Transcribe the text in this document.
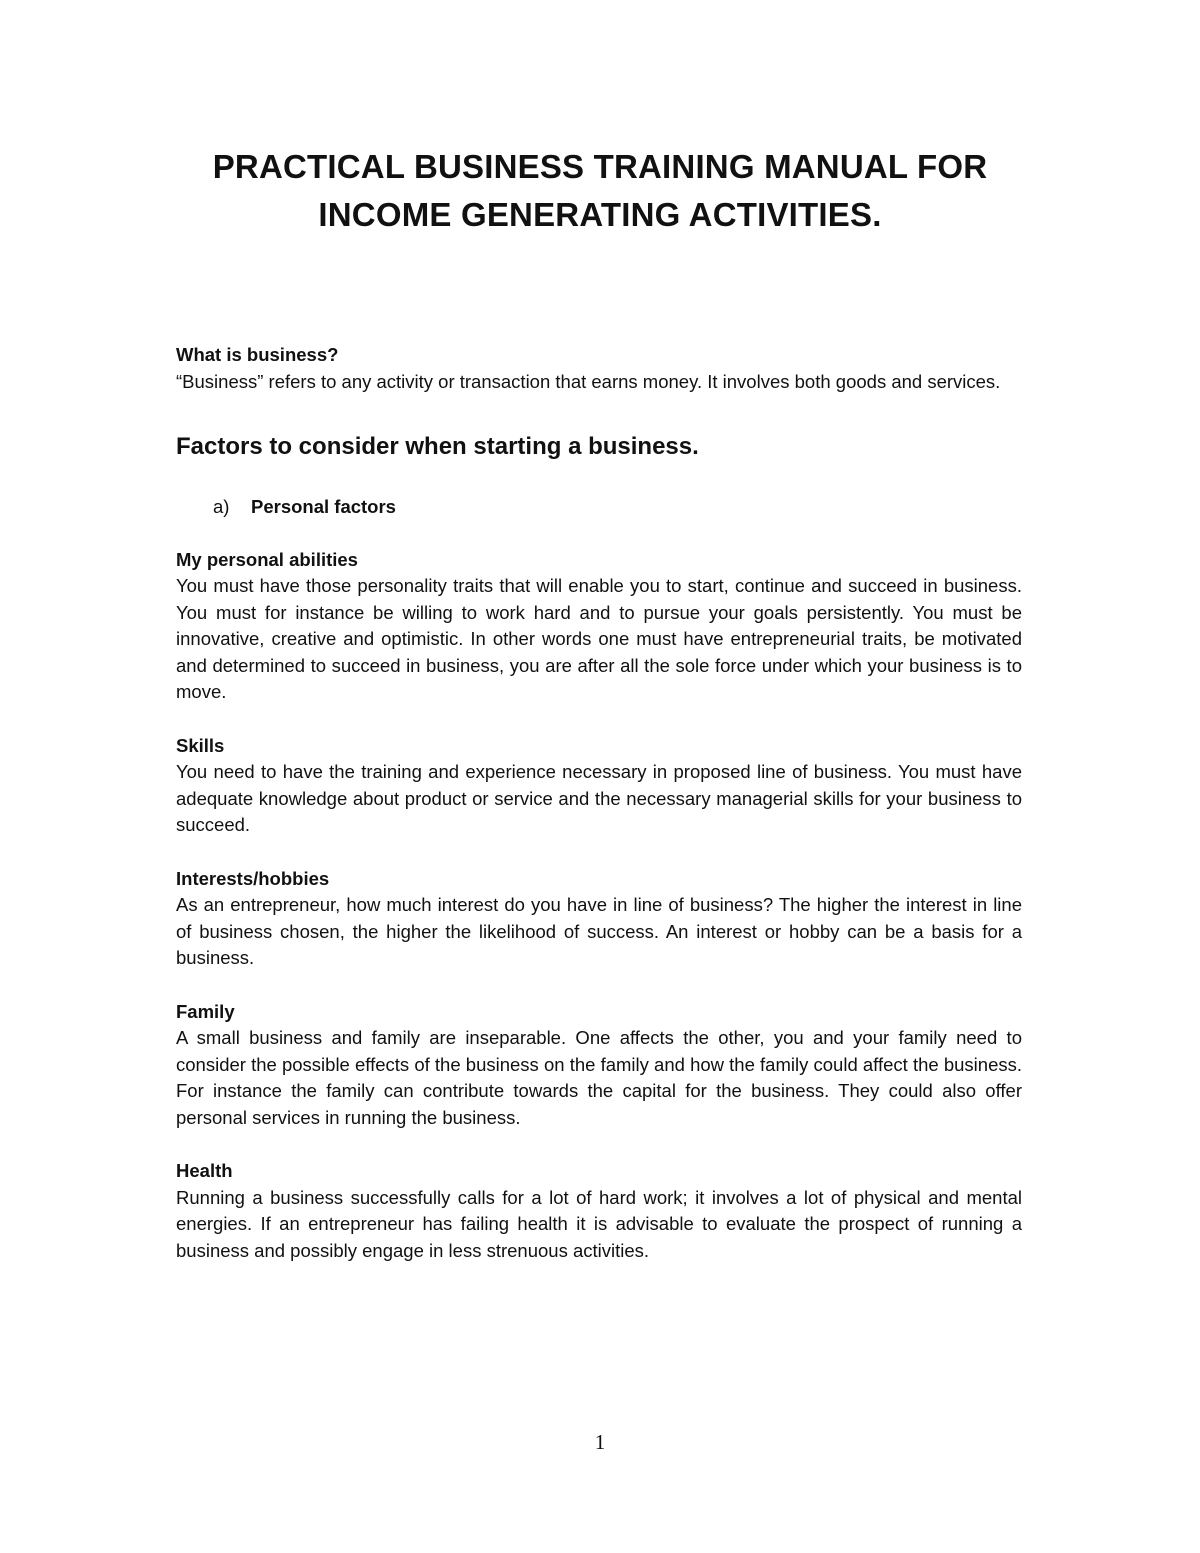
PRACTICAL BUSINESS TRAINING MANUAL FOR
INCOME GENERATING ACTIVITIES.
What is business?

“Business” refers to any activity or transaction that earns money. It involves both goods and services.

Factors to consider when starting a business.
a)	Personal factors
My personal abilities

You must have those personality traits that will enable you to start, continue and succeed in business. You must for instance be willing to work hard and to pursue your goals persistently. You must be innovative, creative and optimistic. In other words one must have entrepreneurial traits, be motivated and determined to succeed in business, you are after all the sole force under which your business is to move.

Skills

You need to have the training and experience necessary in proposed line of business. You must have adequate knowledge about product or service and the necessary managerial skills for your business to succeed.

Interests/hobbies

As an entrepreneur, how much interest do you have in line of business? The higher the interest in line of business chosen, the higher the likelihood of success. An interest or hobby can be a basis for a business.

Family

A small business and family are inseparable. One affects the other, you and your family need to consider the possible effects of the business on the family and how the family could affect the business. For instance the family can contribute towards the capital for the business. They could also offer personal services in running the business.

Health

Running a business successfully calls for a lot of hard work; it involves a lot of physical and mental energies. If an entrepreneur has failing health it is advisable to evaluate the prospect of running a business and possibly engage in less strenuous activities.

1
